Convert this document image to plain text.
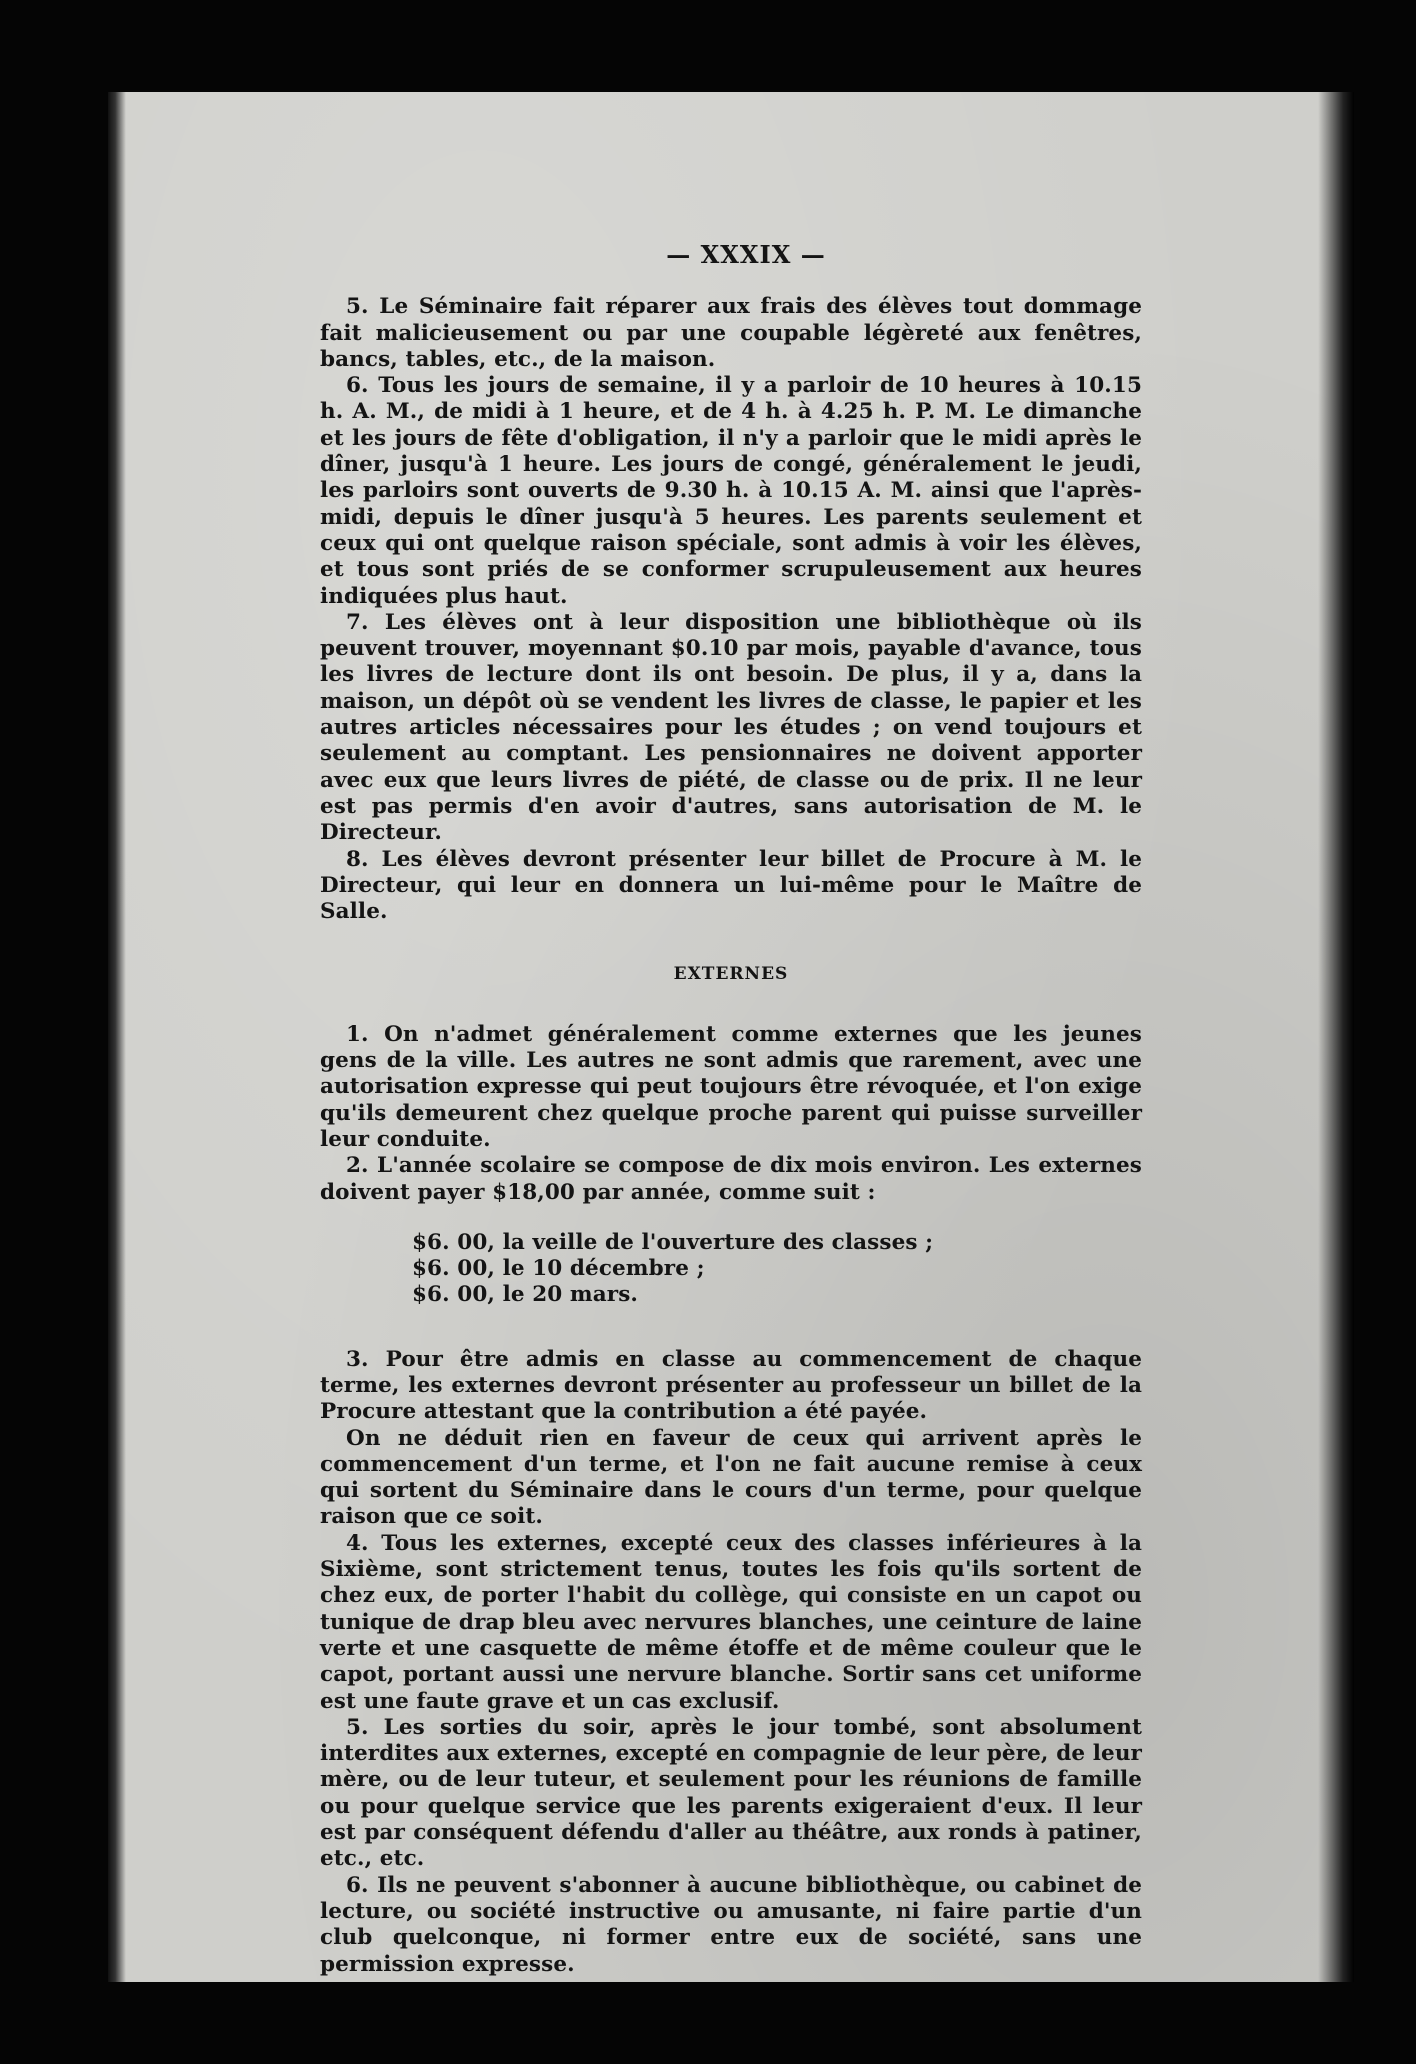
— XXXIX —

5. Le Séminaire fait réparer aux frais des élèves tout dommage fait malicieusement ou par une coupable légèreté aux fenêtres, bancs, tables, etc., de la maison.

6. Tous les jours de semaine, il y a parloir de 10 heures à 10.15 h. A. M., de midi à 1 heure, et de 4 h. à 4.25 h. P. M. Le dimanche et les jours de fête d'obligation, il n'y a parloir que le midi après le dîner, jusqu'à 1 heure. Les jours de congé, généralement le jeudi, les parloirs sont ouverts de 9.30 h. à 10.15 A. M. ainsi que l'après-midi, depuis le dîner jusqu'à 5 heures. Les parents seulement et ceux qui ont quelque raison spéciale, sont admis à voir les élèves, et tous sont priés de se conformer scrupuleusement aux heures indiquées plus haut.

7. Les élèves ont à leur disposition une bibliothèque où ils peuvent trouver, moyennant $0.10 par mois, payable d'avance, tous les livres de lecture dont ils ont besoin. De plus, il y a, dans la maison, un dépôt où se vendent les livres de classe, le papier et les autres articles nécessaires pour les études ; on vend toujours et seulement au comptant. Les pensionnaires ne doivent apporter avec eux que leurs livres de piété, de classe ou de prix. Il ne leur est pas permis d'en avoir d'autres, sans autorisation de M. le Directeur.

8. Les élèves devront présenter leur billet de Procure à M. le Directeur, qui leur en donnera un lui-même pour le Maître de Salle.

EXTERNES

1. On n'admet généralement comme externes que les jeunes gens de la ville. Les autres ne sont admis que rarement, avec une autorisation expresse qui peut toujours être révoquée, et l'on exige qu'ils demeurent chez quelque proche parent qui puisse surveiller leur conduite.

2. L'année scolaire se compose de dix mois environ. Les externes doivent payer $18,00 par année, comme suit :

$6. 00, la veille de l'ouverture des classes ;
$6. 00, le 10 décembre ;
$6. 00, le 20 mars.

3. Pour être admis en classe au commencement de chaque terme, les externes devront présenter au professeur un billet de la Procure attestant que la contribution a été payée.

On ne déduit rien en faveur de ceux qui arrivent après le commencement d'un terme, et l'on ne fait aucune remise à ceux qui sortent du Séminaire dans le cours d'un terme, pour quelque raison que ce soit.

4. Tous les externes, excepté ceux des classes inférieures à la Sixième, sont strictement tenus, toutes les fois qu'ils sortent de chez eux, de porter l'habit du collège, qui consiste en un capot ou tunique de drap bleu avec nervures blanches, une ceinture de laine verte et une casquette de même étoffe et de même couleur que le capot, portant aussi une nervure blanche. Sortir sans cet uniforme est une faute grave et un cas exclusif.

5. Les sorties du soir, après le jour tombé, sont absolument interdites aux externes, excepté en compagnie de leur père, de leur mère, ou de leur tuteur, et seulement pour les réunions de famille ou pour quelque service que les parents exigeraient d'eux. Il leur est par conséquent défendu d'aller au théâtre, aux ronds à patiner, etc., etc.

6. Ils ne peuvent s'abonner à aucune bibliothèque, ou cabinet de lecture, ou société instructive ou amusante, ni faire partie d'un club quelconque, ni former entre eux de société, sans une permission expresse.
